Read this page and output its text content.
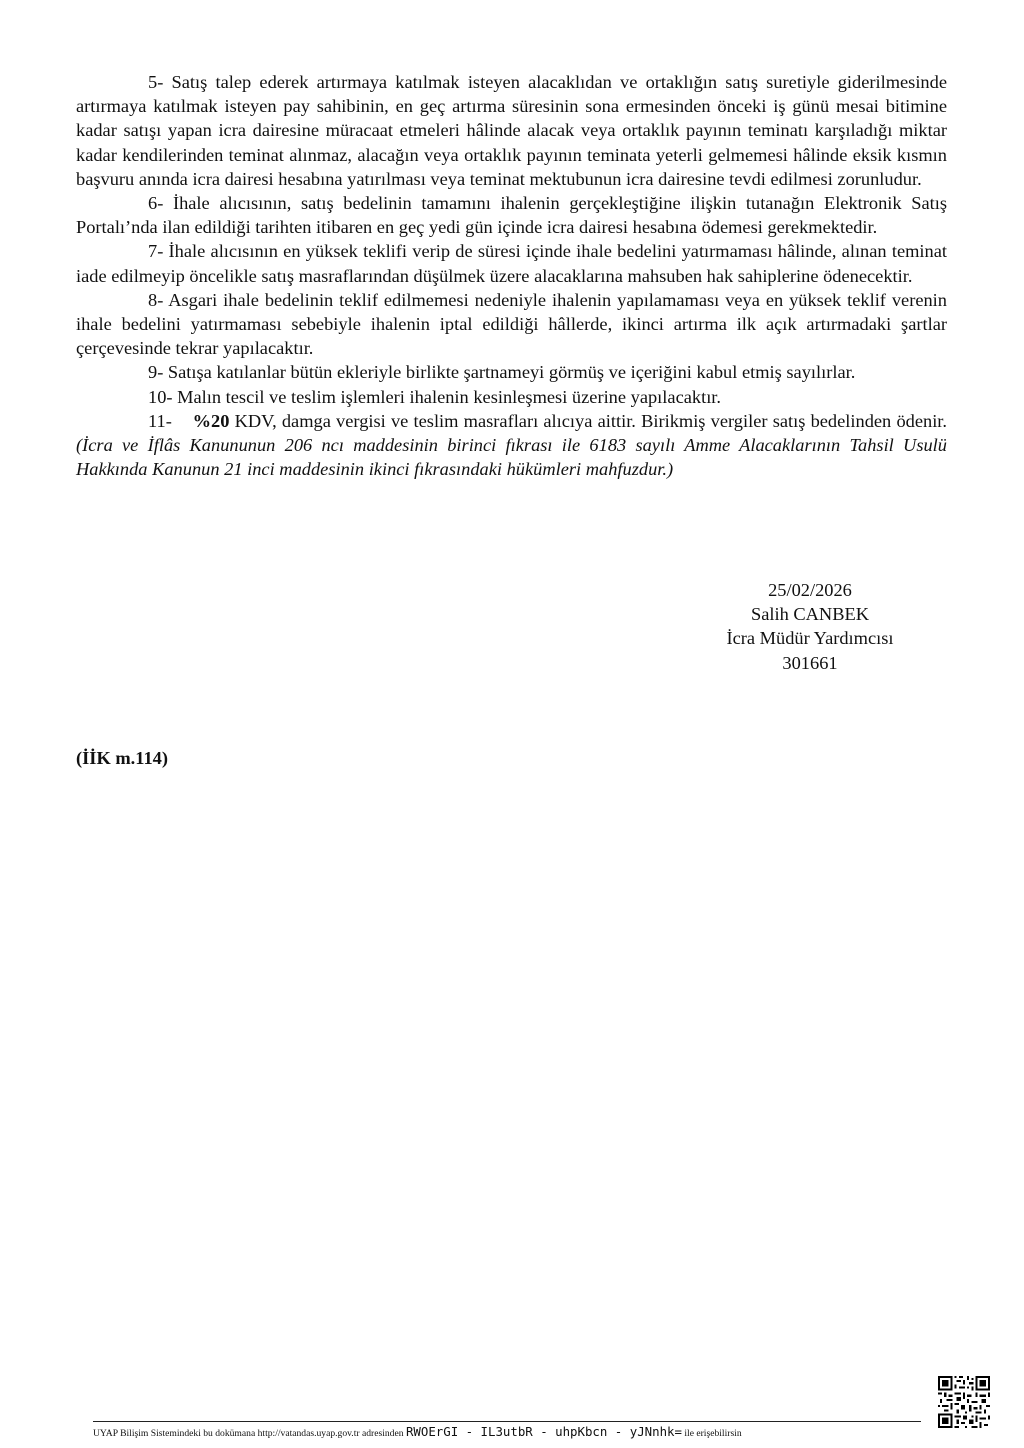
5- Satış talep ederek artırmaya katılmak isteyen alacaklıdan ve ortaklığın satış suretiyle giderilmesinde artırmaya katılmak isteyen pay sahibinin, en geç artırma süresinin sona ermesinden önceki iş günü mesai bitimine kadar satışı yapan icra dairesine müracaat etmeleri hâlinde alacak veya ortaklık payının teminatı karşıladığı miktar kadar kendilerinden teminat alınmaz, alacağın veya ortaklık payının teminata yeterli gelmemesi hâlinde eksik kısmın başvuru anında icra dairesi hesabına yatırılması veya teminat mektubunun icra dairesine tevdi edilmesi zorunludur.

6- İhale alıcısının, satış bedelinin tamamını ihalenin gerçekleştiğine ilişkin tutanağın Elektronik Satış Portalı’nda ilan edildiği tarihten itibaren en geç yedi gün içinde icra dairesi hesabına ödemesi gerekmektedir.

7- İhale alıcısının en yüksek teklifi verip de süresi içinde ihale bedelini yatırmaması hâlinde, alınan teminat iade edilmeyip öncelikle satış masraflarından düşülmek üzere alacaklarına mahsuben hak sahiplerine ödenecektir.

8- Asgari ihale bedelinin teklif edilmemesi nedeniyle ihalenin yapılamaması veya en yüksek teklif verenin ihale bedelini yatırmaması sebebiyle ihalenin iptal edildiği hâllerde, ikinci artırma ilk açık artırmadaki şartlar çerçevesinde tekrar yapılacaktır.

9- Satışa katılanlar bütün ekleriyle birlikte şartnameyi görmüş ve içeriğini kabul etmiş sayılırlar.

10- Malın tescil ve teslim işlemleri ihalenin kesinleşmesi üzerine yapılacaktır.

11- %20 KDV, damga vergisi ve teslim masrafları alıcıya aittir. Birikmiş vergiler satış bedelinden ödenir. (İcra ve İflâs Kanununun 206 ncı maddesinin birinci fıkrası ile 6183 sayılı Amme Alacaklarının Tahsil Usulü Hakkında Kanunun 21 inci maddesinin ikinci fıkrasındaki hükümleri mahfuzdur.)

25/02/2026
Salih CANBEK
İcra Müdür Yardımcısı
301661
(İİK m.114)
UYAP Bilişim Sistemindeki bu dokümana http://vatandas.uyap.gov.tr adresinden RWOErGI - IL3utbR - uhpKbcn - yJNnhk= ile erişebilirsin
